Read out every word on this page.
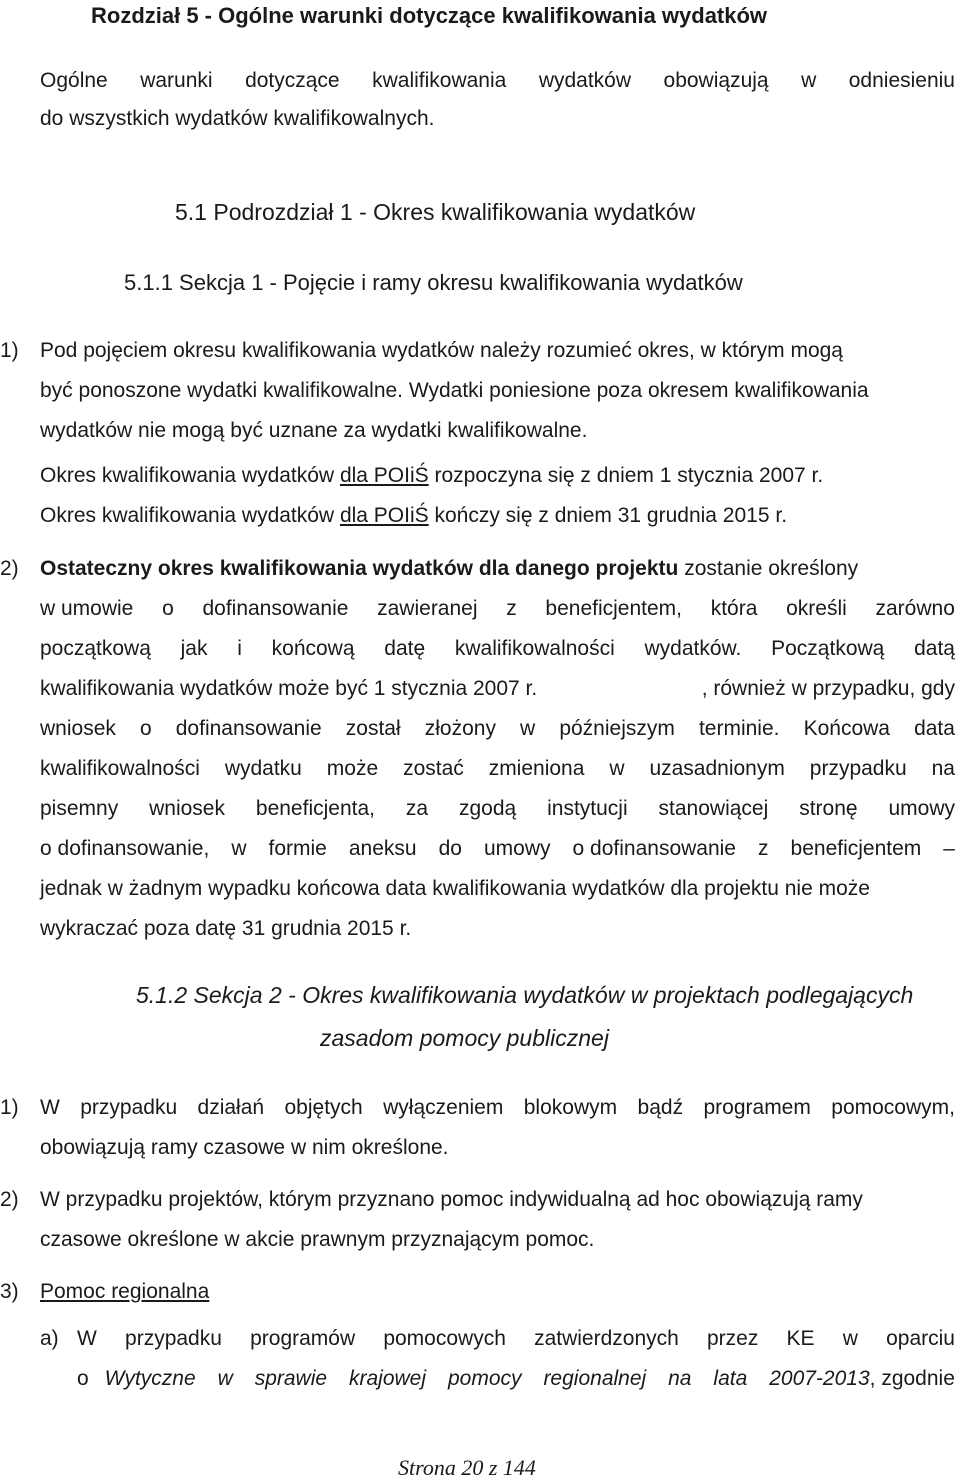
Rozdział 5 - Ogólne warunki dotyczące kwalifikowania wydatków
Ogólne warunki dotyczące kwalifikowania wydatków obowiązują w odniesieniu
do wszystkich wydatków kwalifikowalnych.
5.1 Podrozdział 1 - Okres kwalifikowania wydatków
5.1.1 Sekcja 1 - Pojęcie i ramy okresu kwalifikowania wydatków
1) Pod pojęciem okresu kwalifikowania wydatków należy rozumieć okres, w którym mogą
być ponoszone wydatki kwalifikowalne. Wydatki poniesione poza okresem kwalifikowania
wydatków nie mogą być uznane za wydatki kwalifikowalne.
Okres kwalifikowania wydatków dla POIiŚ rozpoczyna się z dniem 1 stycznia 2007 r.
Okres kwalifikowania wydatków dla POIiŚ kończy się z dniem 31 grudnia 2015 r.
2) Ostateczny okres kwalifikowania wydatków dla danego projektu zostanie określony
w umowie o dofinansowanie zawieranej z beneficjentem, która określi zarówno
początkową jak i końcową datę kwalifikowalności wydatków. Początkową datą
kwalifikowania wydatków może być 1 stycznia 2007 r.	, również w przypadku, gdy
wniosek o dofinansowanie został złożony w późniejszym terminie. Końcowa data
kwalifikowalności wydatku może zostać zmieniona w uzasadnionym przypadku na
pisemny wniosek beneficjenta, za zgodą instytucji stanowiącej stronę umowy
o dofinansowanie, w formie aneksu do umowy o dofinansowanie z beneficjentem –
jednak w żadnym wypadku końcowa data kwalifikowania wydatków dla projektu nie może
wykraczać poza datę 31 grudnia 2015 r.
5.1.2 Sekcja 2 - Okres kwalifikowania wydatków w projektach podlegających
zasadom pomocy publicznej
1) W przypadku działań objętych wyłączeniem blokowym bądź programem pomocowym,
obowiązują ramy czasowe w nim określone.
2) W przypadku projektów, którym przyznano pomoc indywidualną ad hoc obowiązują ramy
czasowe określone w akcie prawnym przyznającym pomoc.
3) Pomoc regionalna
a) W przypadku programów pomocowych zatwierdzonych przez KE w oparciu
o Wytyczne w sprawie krajowej pomocy regionalnej na lata 2007-2013, zgodnie
Strona 20 z 144
